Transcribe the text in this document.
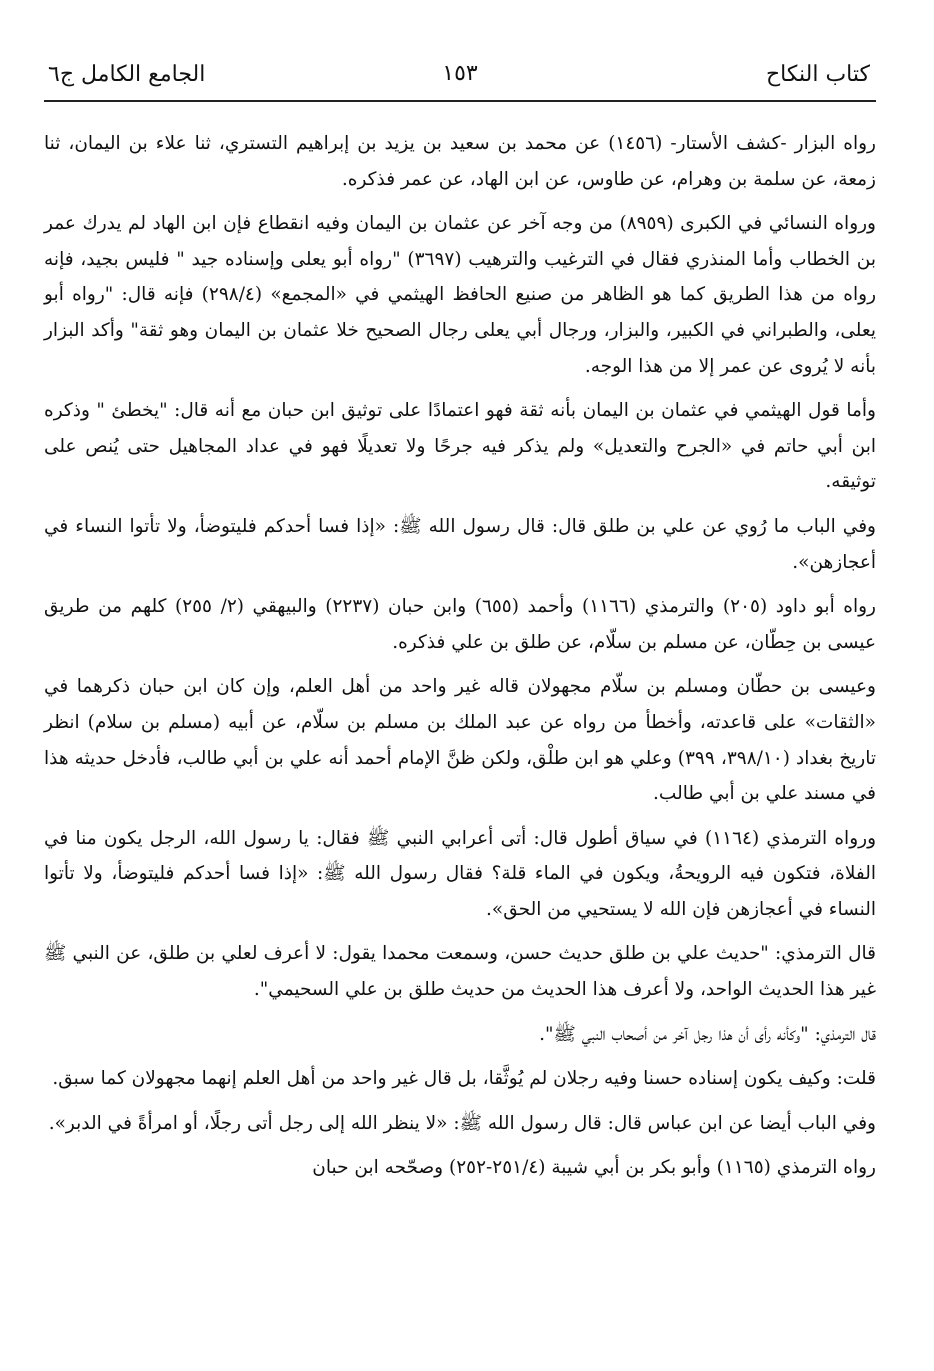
كتاب النكاح
١٥٣
الجامع الكامل ج٦

رواه البزار -كشف الأستار- (١٤٥٦) عن محمد بن سعيد بن يزيد بن إبراهيم التستري، ثنا علاء بن اليمان، ثنا زمعة، عن سلمة بن وهرام، عن طاوس، عن ابن الهاد، عن عمر فذكره.

ورواه النسائي في الكبرى (٨٩٥٩) من وجه آخر عن عثمان بن اليمان وفيه انقطاع فإن ابن الهاد لم يدرك عمر بن الخطاب وأما المنذري فقال في الترغيب والترهيب (٣٦٩٧) "رواه أبو يعلى وإسناده جيد " فليس بجيد، فإنه رواه من هذا الطريق كما هو الظاهر من صنيع الحافظ الهيثمي في «المجمع» (٢٩٨/٤) فإنه قال: "رواه أبو يعلى، والطبراني في الكبير، والبزار، ورجال أبي يعلى رجال الصحيح خلا عثمان بن اليمان وهو ثقة" وأكد البزار بأنه لا يُروى عن عمر إلا من هذا الوجه.

وأما قول الهيثمي في عثمان بن اليمان بأنه ثقة فهو اعتمادًا على توثيق ابن حبان مع أنه قال: "يخطئ " وذكره ابن أبي حاتم في «الجرح والتعديل» ولم يذكر فيه جرحًا ولا تعديلًا فهو في عداد المجاهيل حتى يُنص على توثيقه.

وفي الباب ما رُوي عن علي بن طلق قال: قال رسول الله ﷺ: «إذا فسا أحدكم فليتوضأ، ولا تأتوا النساء في أعجازهن».

رواه أبو داود (٢٠٥) والترمذي (١١٦٦) وأحمد (٦٥٥) وابن حبان (٢٢٣٧) والبيهقي (٢/ ٢٥٥) كلهم من طريق عيسى بن حِطّان، عن مسلم بن سلّام، عن طلق بن علي فذكره.

وعيسى بن حطّان ومسلم بن سلّام مجهولان قاله غير واحد من أهل العلم، وإن كان ابن حبان ذكرهما في «الثقات» على قاعدته، وأخطأ من رواه عن عبد الملك بن مسلم بن سلّام، عن أبيه (مسلم بن سلام) انظر تاريخ بغداد (٣٩٨/١٠، ٣٩٩) وعلي هو ابن طلْق، ولكن ظنَّ الإمام أحمد أنه علي بن أبي طالب، فأدخل حديثه هذا في مسند علي بن أبي طالب.

ورواه الترمذي (١١٦٤) في سياق أطول قال: أتى أعرابي النبي ﷺ فقال: يا رسول الله، الرجل يكون منا في الفلاة، فتكون فيه الرويحةُ، ويكون في الماء قلة؟ فقال رسول الله ﷺ: «إذا فسا أحدكم فليتوضأ، ولا تأتوا النساء في أعجازهن فإن الله لا يستحيي من الحق».

قال الترمذي: "حديث علي بن طلق حديث حسن، وسمعت محمدا يقول: لا أعرف لعلي بن طلق، عن النبي ﷺ غير هذا الحديث الواحد، ولا أعرف هذا الحديث من حديث طلق بن علي السحيمي".

قال الترمذي: "وكأنه رأى أن هذا رجل آخر من أصحاب النبي ﷺ".

قلت: وكيف يكون إسناده حسنا وفيه رجلان لم يُوثَّقا، بل قال غير واحد من أهل العلم إنهما مجهولان كما سبق.

وفي الباب أيضا عن ابن عباس قال: قال رسول الله ﷺ: «لا ينظر الله إلى رجل أتى رجلًا، أو امرأةً في الدبر».

رواه الترمذي (١١٦٥) وأبو بكر بن أبي شيبة (٢٥١/٤-٢٥٢) وصحّحه ابن حبان
